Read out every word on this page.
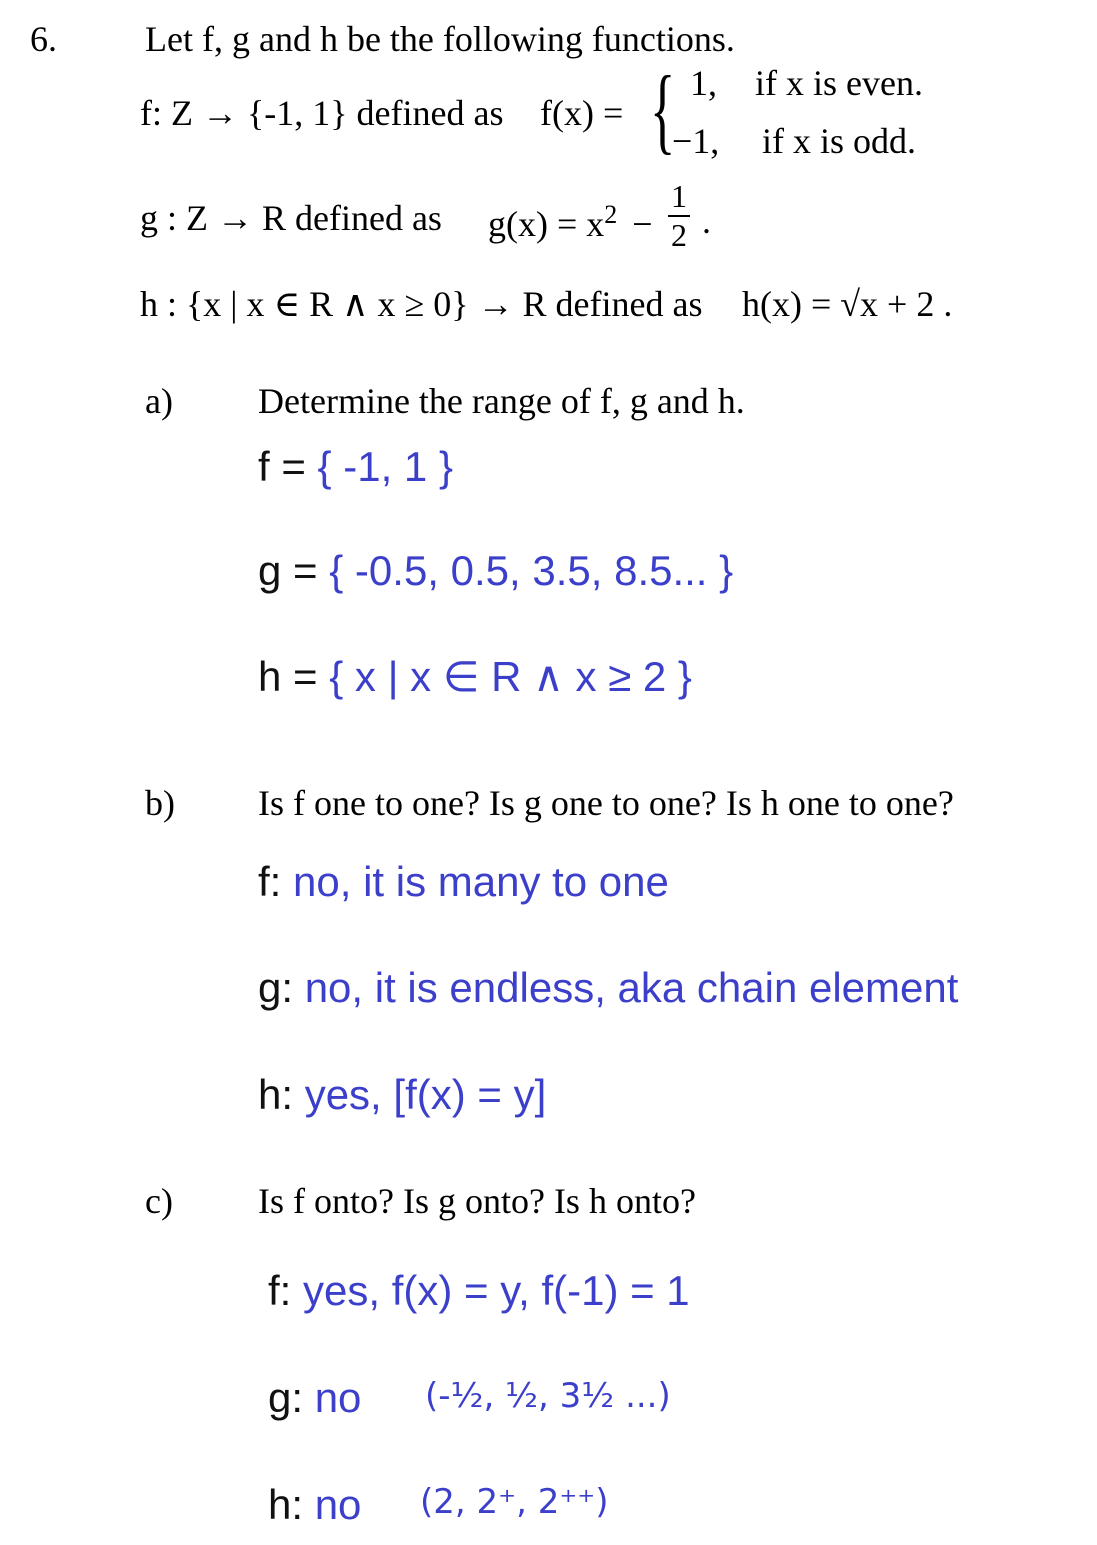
6. Let f, g and h be the following functions.
f: Z → {-1, 1} defined as f(x) = { 1, if x is even.
−1, if x is odd.
g : Z → R defined as $g(x) = x^2 - \frac{1}{2}$ .
h : {x | x ∈ R ∧ x ≥ 0} → R defined as h(x) = √x + 2 .
a) Determine the range of f, g and h.
f = { -1, 1 }
g = { -0.5, 0.5, 3.5, 8.5... }
h = { x | x ∈ R ∧ x ≥ 2 }
b) Is f one to one? Is g one to one? Is h one to one?
f: no, it is many to one
g: no, it is endless, aka chain element
h: yes, [f(x) = y]
c) Is f onto? Is g onto? Is h onto?
f: yes, f(x) = y, f(-1) = 1
g: no (-½, ½, 3½ ...)
h: no (2, 2⁺, 2⁺⁺)
